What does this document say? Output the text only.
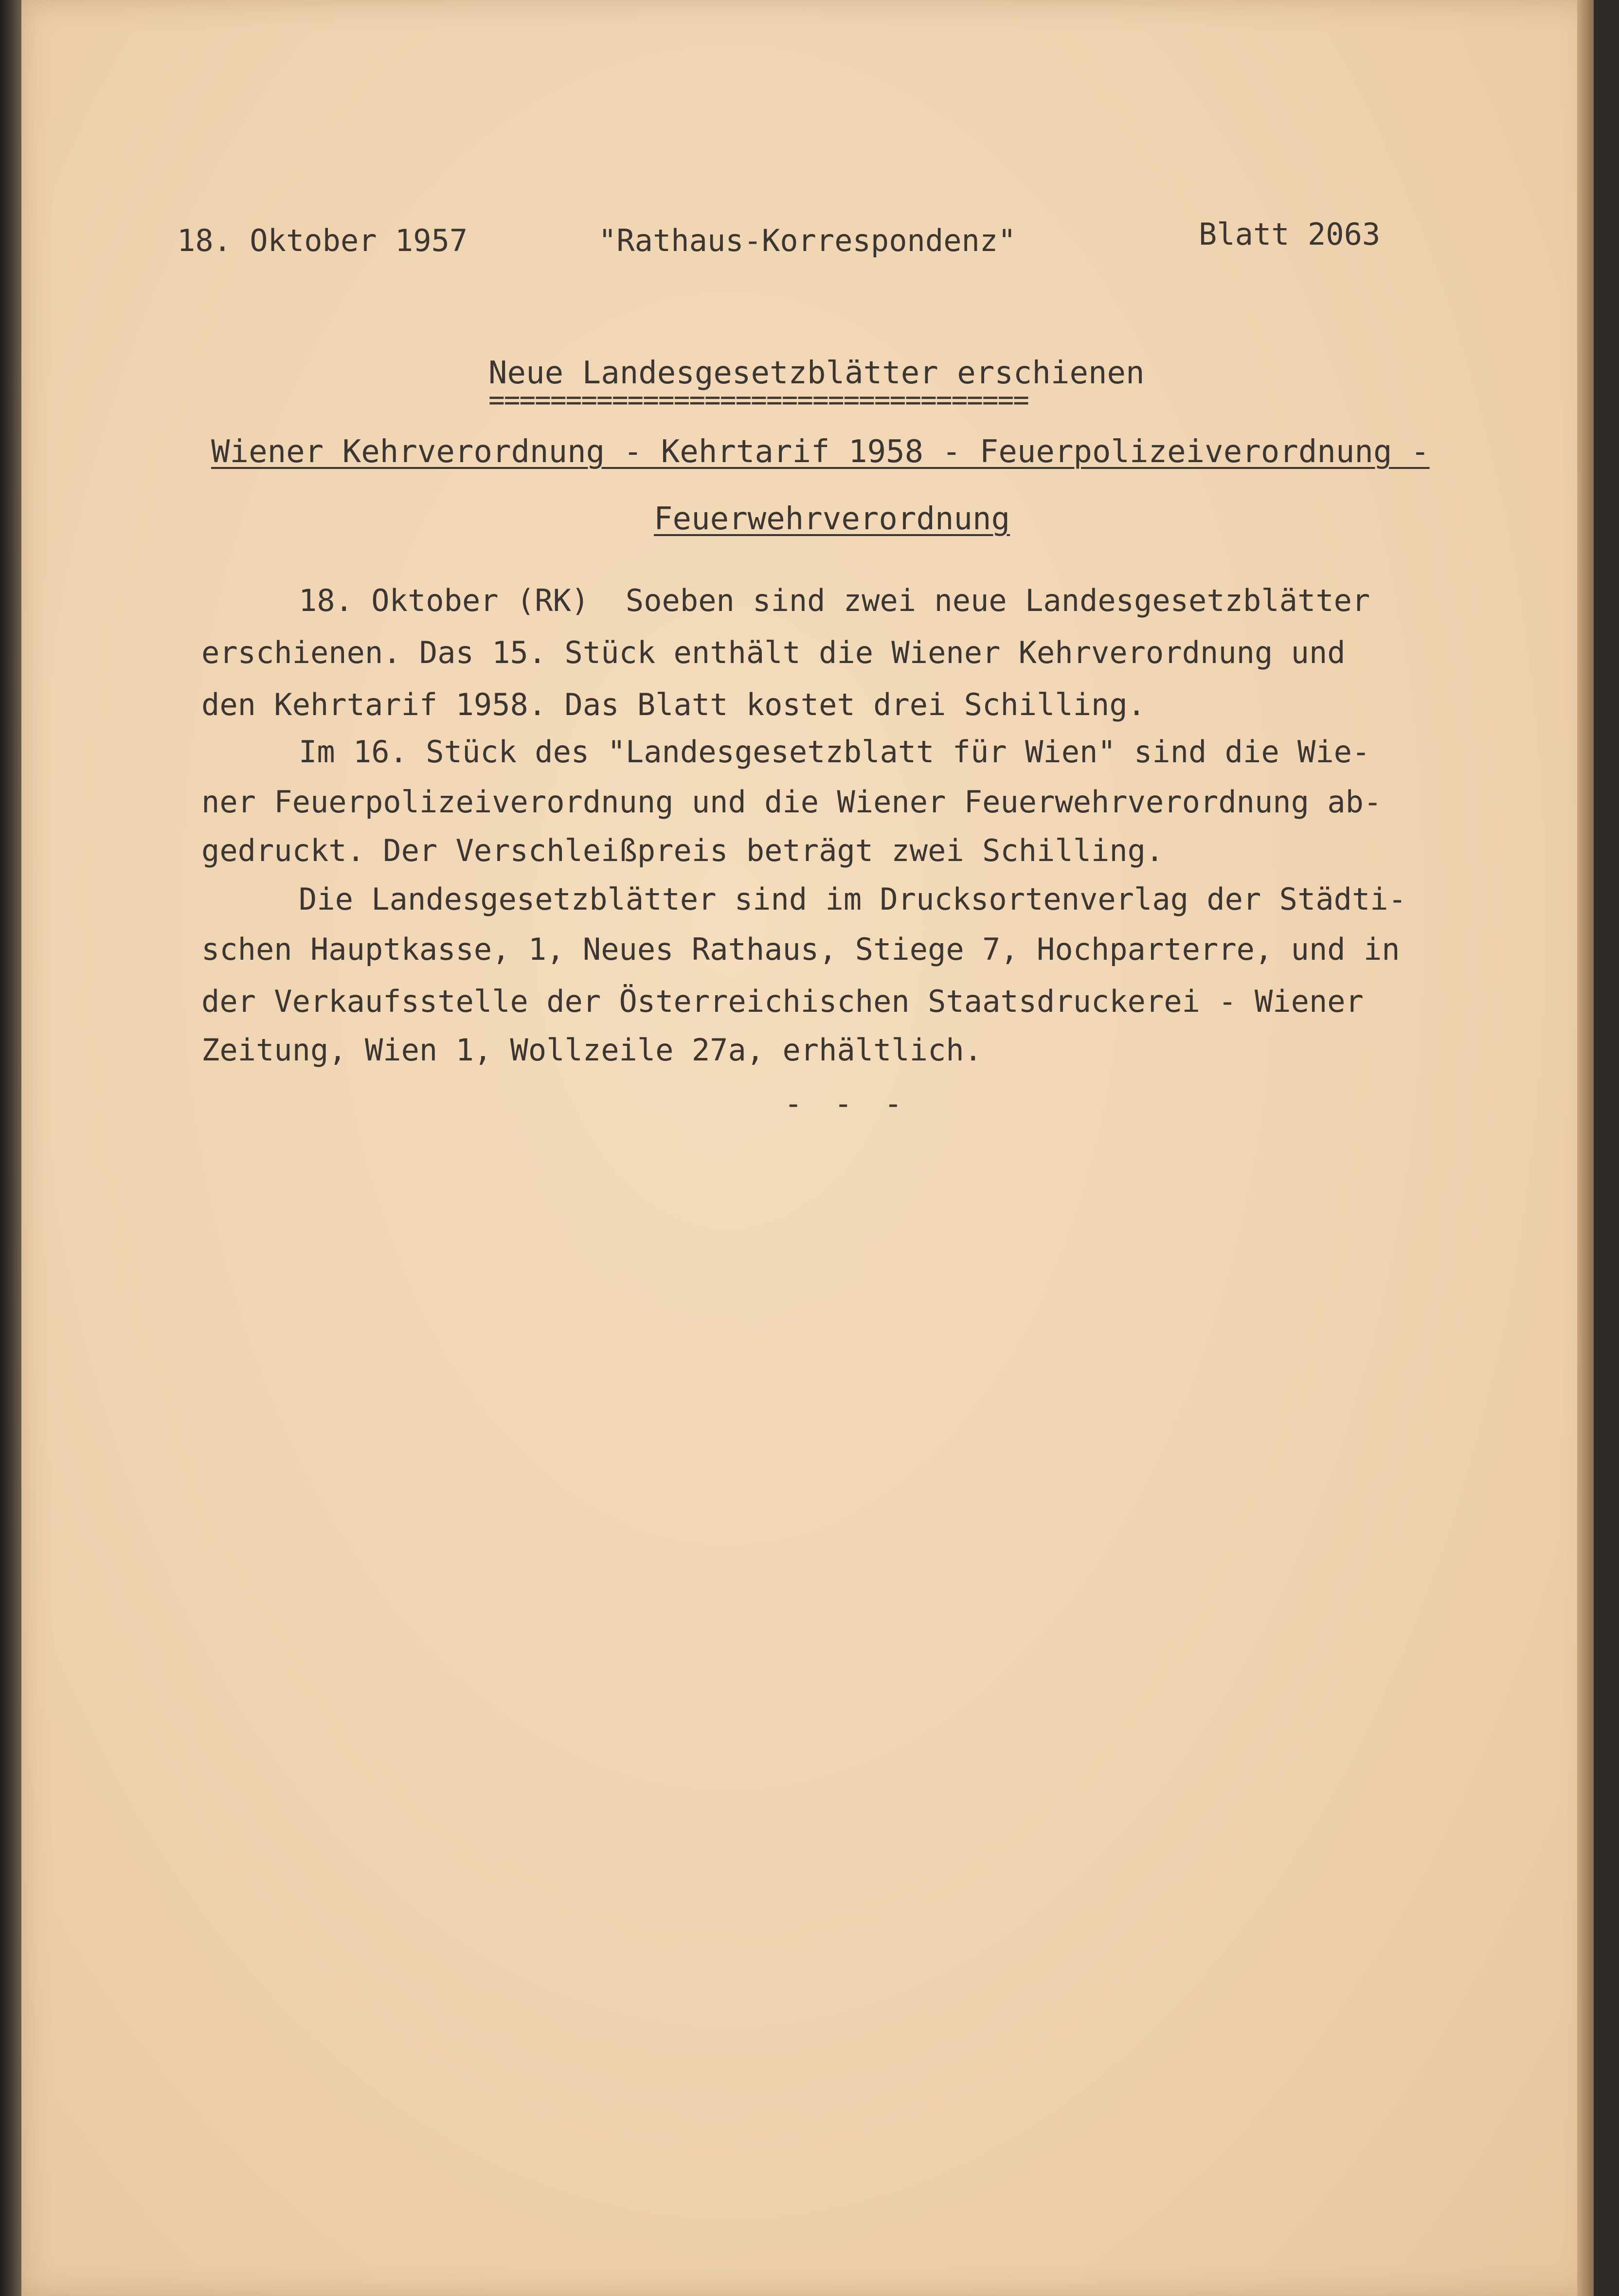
18. Oktober 1957	"Rathaus-Korrespondenz"	Blatt 2063

Neue Landesgesetzblätter erschienen

===================================

Wiener Kehrverordnung - Kehrtarif 1958 - Feuerpolizeiverordnung -

Feuerwehrverordnung

18. Oktober (RK)  Soeben sind zwei neue Landesgesetzblätter

erschienen. Das 15. Stück enthält die Wiener Kehrverordnung und

den Kehrtarif 1958. Das Blatt kostet drei Schilling.

Im 16. Stück des "Landesgesetzblatt für Wien" sind die Wie-

ner Feuerpolizeiverordnung und die Wiener Feuerwehrverordnung ab-

gedruckt. Der Verschleißpreis beträgt zwei Schilling.

Die Landesgesetzblätter sind im Drucksortenverlag der Städti-

schen Hauptkasse, 1, Neues Rathaus, Stiege 7, Hochparterre, und in

der Verkaufsstelle der Österreichischen Staatsdruckerei - Wiener

Zeitung, Wien 1, Wollzeile 27a, erhältlich.

- - -
